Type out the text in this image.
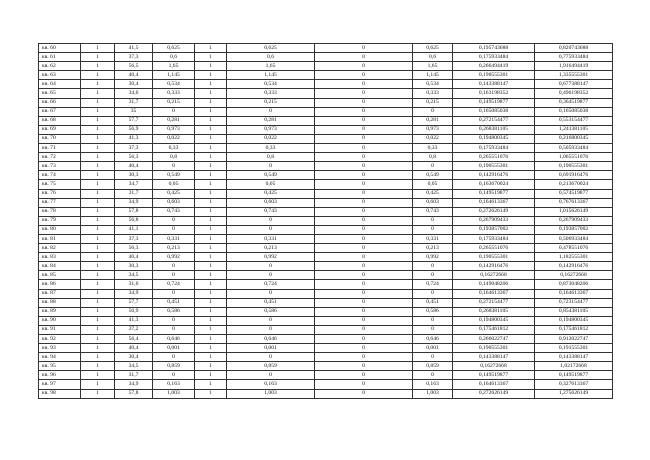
кв. 60	1	41,5	0,625	1	0,625	0	0,625	0,195743688	0,820743688
кв. 61	1	37,3	0,6	1	0,6	0	0,6	0,175933484	0,775933484
кв. 62	1	56,5	1,65	1	1,65	0	1,65	0,266494419	1,916494419
кв. 63	1	40,4	1,145	1	1,145	0	1,145	0,190555301	1,335555301
кв. 64	1	30,4	0,534	1	0,534	0	0,534	0,143388147	0,677388147
кв. 65	1	34,6	0,333	1	0,333	0	0,333	0,163198352	0,496198352
кв. 66	1	31,7	0,215	1	0,215	0	0,215	0,149519877	0,364519877
кв. 67	1	35	0	1	0	0	0	0,165085038	0,165085038
кв. 68	1	57,7	0,281	1	0,281	0	0,281	0,272154477	0,553154477
кв. 69	1	56,9	0,973	1	0,973	0	0,973	0,268381105	1,241381105
кв. 70	1	41,3	0,022	1	0,022	0	0,022	0,194800345	0,216800345
кв. 71	1	37,3	0,33	1	0,33	0	0,33	0,175933484	0,505933484
кв. 72	1	56,3	0,8	1	0,8	0	0,8	0,265551076	1,065551076
кв. 73	1	40,4	0	1	0	0	0	0,190555301	0,190555301
кв. 74	1	30,3	0,549	1	0,549	0	0,549	0,142916476	0,691916476
кв. 75	1	34,7	0,05	1	0,05	0	0,05	0,163670024	0,213670024
кв. 76	1	31,7	0,425	1	0,425	0	0,425	0,149519877	0,574519877
кв. 77	1	34,9	0,603	1	0,603	0	0,603	0,164613367	0,767613367
кв. 78	1	57,8	0,743	1	0,743	0	0,743	0,272626149	1,015626149
кв. 79	1	56,8	0	1	0	0	0	0,267909433	0,267909433
кв. 80	1	41,1	0	1	0	0	0	0,193857002	0,193857002
кв. 81	1	37,3	0,331	1	0,331	0	0,331	0,175933484	0,506933484
кв. 82	1	56,3	0,213	1	0,213	0	0,213	0,265551076	0,478551076
кв. 83	1	40,4	0,992	1	0,992	0	0,992	0,190555301	1,182555301
кв. 84	1	30,3	0	1	0	0	0	0,142916476	0,142916476
кв. 85	1	34,5	0	1	0	0	0	0,16272668	0,16272668
кв. 86	1	31,6	0,724	1	0,724	0	0,724	0,149048206	0,873048206
кв. 87	1	34,9	0	1	0	0	0	0,164613367	0,164613367
кв. 88	1	57,7	0,451	1	0,451	0	0,451	0,272154477	0,723154477
кв. 89	1	56,9	0,586	1	0,586	0	0,586	0,268381105	0,854381105
кв. 90	1	41,3	0	1	0	0	0	0,194800345	0,194800345
кв. 91	1	37,2	0	1	0	0	0	0,175461812	0,175461812
кв. 92	1	56,4	0,646	1	0,646	0	0,646	0,266022747	0,912022747
кв. 93	1	40,4	0,001	1	0,001	0	0,001	0,190555301	0,191555301
кв. 94	1	30,4	0	1	0	0	0	0,143388147	0,143388147
кв. 95	1	34,5	0,859	1	0,859	0	0,859	0,16272668	1,02172668
кв. 96	1	31,7	0	1	0	0	0	0,149519877	0,149519877
кв. 97	1	34,9	0,163	1	0,163	0	0,163	0,164613367	0,327613367
кв. 98	1	57,8	1,003	1	1,003	0	1,003	0,272626149	1,275626149
